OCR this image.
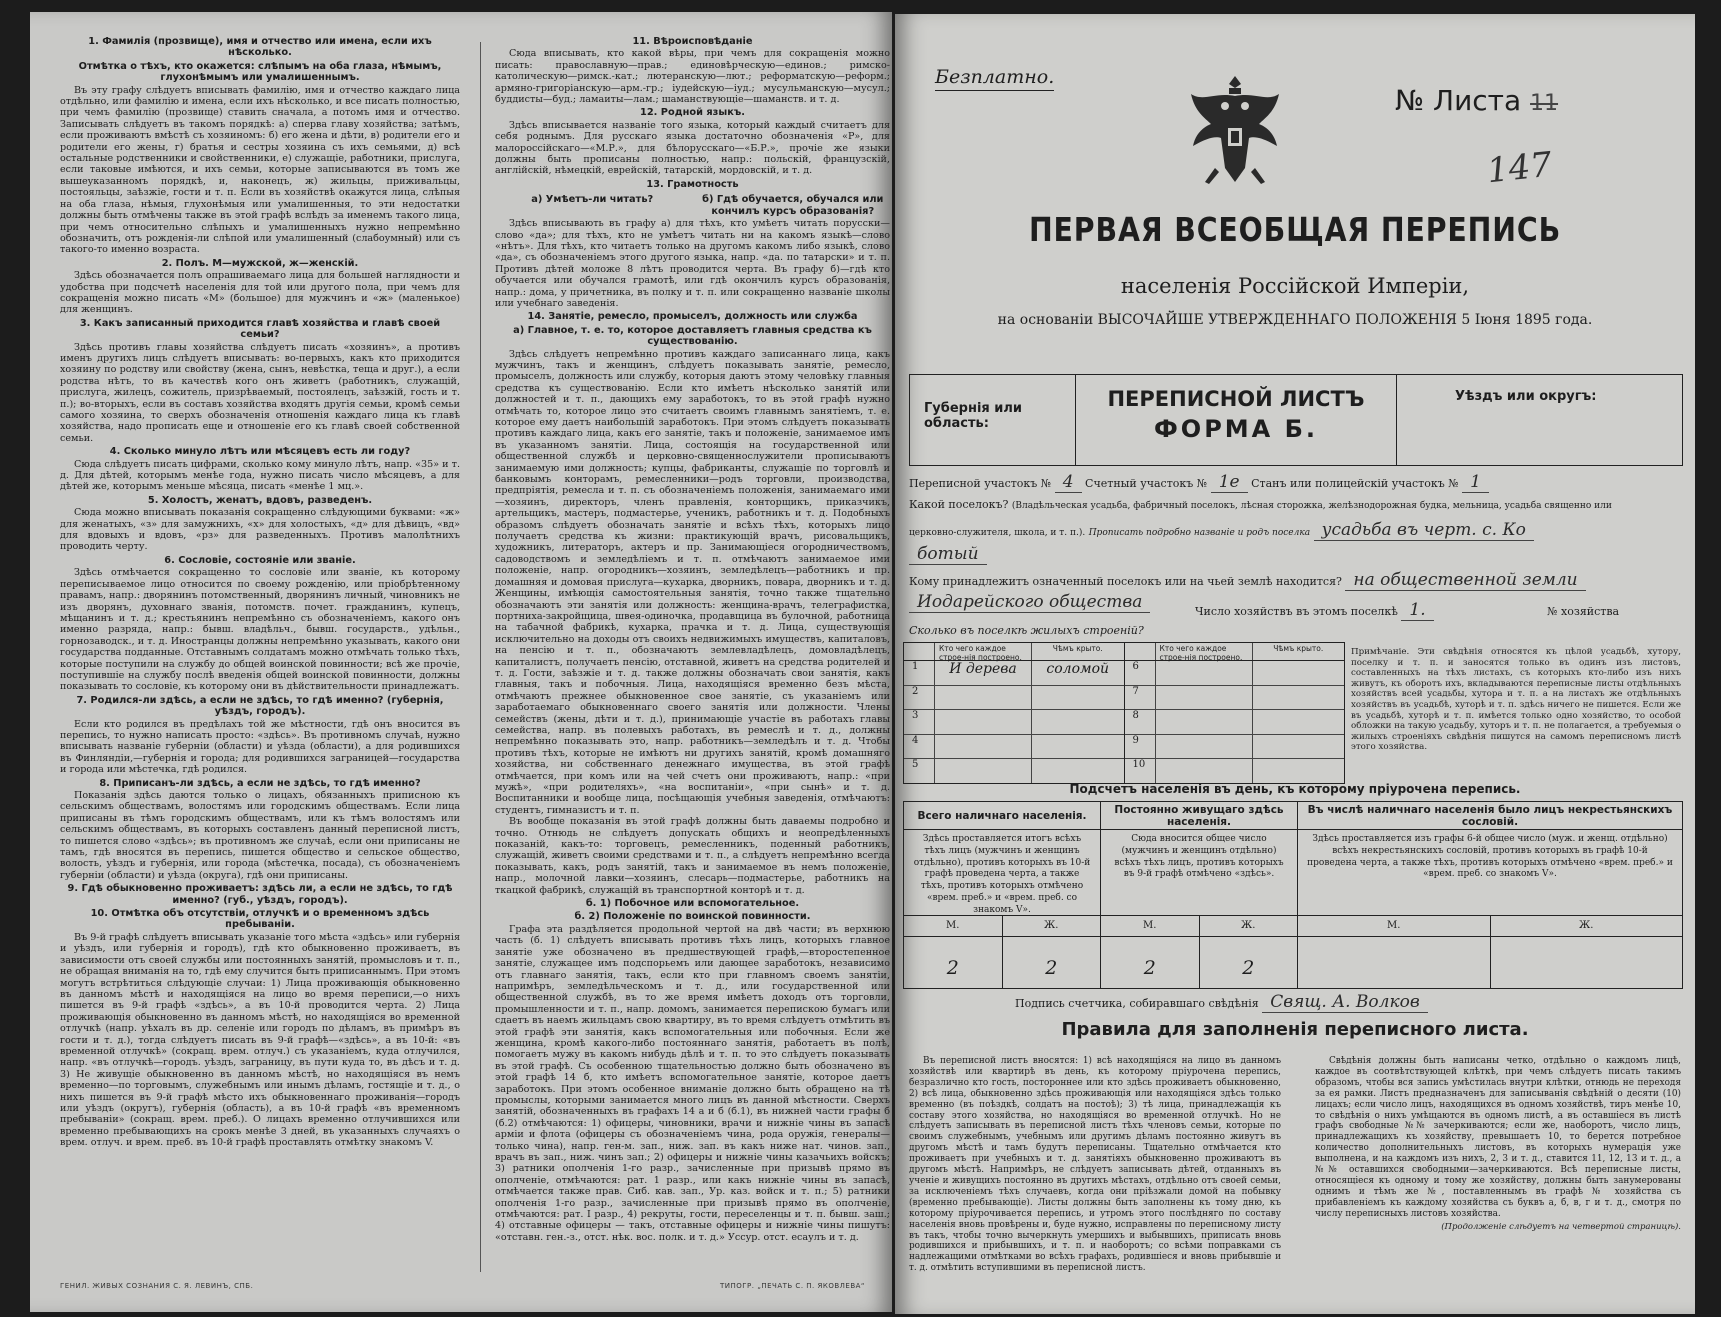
1. Фамилія (прозвище), имя и отчество или имена, если ихъ нѣсколько.
Отмѣтка о тѣхъ, кто окажется: слѣпымъ на оба глаза, нѣмымъ, глухонѣмымъ или умалишеннымъ.

Въ эту графу слѣдуетъ вписывать фамилію, имя и отчество каждаго лица отдѣльно, или фамилію и имена, если ихъ нѣсколько, и все писать полностью, при чемъ фамилію (прозвище) ставить сначала, а потомъ имя и отчество. Записывать слѣдуетъ въ такомъ порядкѣ: а) сперва главу хозяйства; затѣмъ, если проживаютъ вмѣстѣ съ хозяиномъ: б) его жена и дѣти, в) родители его и родители его жены, г) братья и сестры хозяина съ ихъ семьями, д) всѣ остальные родственники и свойственники, е) служащіе, работники, прислуга, если таковые имѣются, и ихъ семьи, которые записываются въ томъ же вышеуказанномъ порядкѣ, и, наконецъ, ж) жильцы, приживальцы, постояльцы, заѣзжіе, гости и т. п. Если въ хозяйствѣ окажутся лица, слѣпыя на оба глаза, нѣмыя, глухонѣмыя или умалишенныя, то эти недостатки должны быть отмѣчены также въ этой графѣ вслѣдъ за именемъ такого лица, при чемъ относительно слѣпыхъ и умалишенныхъ нужно непремѣнно обозначить, отъ рожденія-ли слѣпой или умалишенный (слабоумный) или съ такого-то именно возраста.

2. Полъ. М—мужской, ж—женскій.

Здѣсь обозначается полъ опрашиваемаго лица для большей наглядности и удобства при подсчетѣ населенія для той или другого пола, при чемъ для сокращенія можно писать «М» (большое) для мужчинъ и «ж» (маленькое) для женщинъ.

3. Какъ записанный приходится главѣ хозяйства и главѣ своей семьи?

Здѣсь противъ главы хозяйства слѣдуетъ писать «хозяинъ», а противъ именъ другихъ лицъ слѣдуетъ вписывать: во-первыхъ, какъ кто приходится хозяину по родству или свойству (жена, сынъ, невѣстка, теща и друг.), а если родства нѣтъ, то въ качествѣ кого онъ живетъ (работникъ, служащій, прислуга, жилецъ, сожитель, призрѣваемый, постоялецъ, заѣзжій, гость и т. п.); во-вторыхъ, если въ составъ хозяйства входятъ другія семьи, кромѣ семьи самого хозяина, то сверхъ обозначенія отношенія каждаго лица къ главѣ хозяйства, надо прописать еще и отношеніе его къ главѣ своей собственной семьи.

4. Сколько минуло лѣтъ или мѣсяцевъ есть ли году?

Сюда слѣдуетъ писать цифрами, сколько кому минуло лѣтъ, напр. «35» и т. д. Для дѣтей, которымъ менѣе года, нужно писать число мѣсяцевъ, а для дѣтей же, которымъ меньше мѣсяца, писать «менѣе 1 мц.».

5. Холостъ, женатъ, вдовъ, разведенъ.

Сюда можно вписывать показанія сокращенно слѣдующими буквами: «ж» для женатыхъ, «з» для замужнихъ, «х» для холостыхъ, «д» для дѣвицъ, «вд» для вдовыхъ и вдовъ, «рз» для разведенныхъ. Противъ малолѣтнихъ проводить черту.

6. Сословіе, состояніе или званіе.

Здѣсь отмѣчается сокращенно то сословіе или званіе, къ которому переписываемое лицо относится по своему рожденію, или пріобрѣтенному правамъ, напр.: дворянинъ потомственный, дворянинъ личный, чиновникъ не изъ дворянъ, духовнаго званія, потомств. почет. гражданинъ, купецъ, мѣщанинъ и т. д.; крестьянинъ непремѣнно съ обозначеніемъ, какого онъ именно разряда, напр.: бывш. владѣльч., бывш. государств., удѣльн., горнозаводск., и т. д. Иностранцы должны непремѣнно указывать, какого они государства подданные. Отставнымъ солдатамъ можно отмѣчать только тѣхъ, которые поступили на службу до общей воинской повинности; всѣ же прочіе, поступившіе на службу послѣ введенія общей воинской повинности, должны показывать то сословіе, къ которому они въ дѣйствительности принадлежатъ.

7. Родился-ли здѣсь, а если не здѣсь, то гдѣ именно? (губернія, уѣздъ, городъ).

Если кто родился въ предѣлахъ той же мѣстности, гдѣ онъ вносится въ перепись, то нужно написать просто: «здѣсь». Въ противномъ случаѣ, нужно вписывать названіе губерніи (области) и уѣзда (области), а для родившихся въ Финляндіи,—губернія и города; для родившихся заграницей—государства и города или мѣстечка, гдѣ родился.

8. Приписанъ-ли здѣсь, а если не здѣсь, то гдѣ именно?

Показанія здѣсь даются только о лицахъ, обязанныхъ приписною къ сельскимъ обществамъ, волостямъ или городскимъ обществамъ. Если лица приписаны въ тѣмъ городскимъ обществамъ, или къ тѣмъ волостямъ или сельскимъ обществамъ, въ которыхъ составленъ данный переписной листъ, то пишется слово «здѣсь»; въ противномъ же случаѣ, если они приписаны не тамъ, гдѣ вносятся въ перепись, пишется общество и сельское общество, волость, уѣздъ и губернія, или города (мѣстечка, посада), съ обозначеніемъ губерніи (области) и уѣзда (округа), гдѣ они приписаны.

9. Гдѣ обыкновенно проживаетъ: здѣсь ли, а если не здѣсь, то гдѣ именно? (губ., уѣздъ, городъ).
10. Отмѣтка объ отсутствіи, отлучкѣ и о временномъ здѣсь пребываніи.

Въ 9-й графѣ слѣдуетъ вписывать указаніе того мѣста «здѣсь» или губернія и уѣздъ, или губернія и городъ), гдѣ кто обыкновенно проживаетъ, въ зависимости отъ своей службы или постоянныхъ занятій, промысловъ и т. п., не обращая вниманія на то, гдѣ ему случится быть приписаннымъ. При этомъ могутъ встрѣтиться слѣдующіе случаи: 1) Лица проживающія обыкновенно въ данномъ мѣстѣ и находящіяся на лицо во время переписи,—о нихъ пишется въ 9-й графѣ «здѣсь», а въ 10-й проводится черта. 2) Лица проживающія обыкновенно въ данномъ мѣстѣ, но находящіяся во временной отлучкѣ (напр. уѣхалъ въ др. селеніе или городъ по дѣламъ, въ примѣръ въ гости и т. д.), тогда слѣдуетъ писать въ 9-й графѣ—«здѣсь», а въ 10-й: «въ временной отлучкѣ» (сокращ. врем. отлуч.) съ указаніемъ, куда отлучился, напр. «въ отлучкѣ—городъ. уѣздъ, заграницу, въ пути куда то, въ дѣсъ и т. д. 3) Не живущіе обыкновенно въ данномъ мѣстѣ, но находящіяся въ немъ временно—по торговымъ, служебнымъ или инымъ дѣламъ, гостящіе и т. д., о нихъ пишется въ 9-й графѣ мѣсто ихъ обыкновеннаго проживанія—городъ или уѣздъ (округъ), губернія (область), а въ 10-й графѣ «въ временномъ пребываніи» (сокращ. врем. преб.). О лицахъ временно отлучившихся или временно пребывающихъ на срокъ менѣе 3 дней, въ указанныхъ случаяхъ о врем. отлуч. и врем. преб. въ 10-й графѣ проставлять отмѣтку знакомъ V.

11. Вѣроисповѣданіе

Сюда вписывать, кто какой вѣры, при чемъ для сокращенія можно писать: православную—прав.; единовѣрческую—единов.; римско-католическую—римск.-кат.; лютеранскую—лют.; реформатскую—реформ.; армяно-григоріанскую—арм.-гр.; іудейскую—іуд.; мусульманскую—мусул.; буддисты—буд.; ламаиты—лам.; шаманствующіе—шаманств. и т. д.

12. Родной языкъ.

Здѣсь вписывается названіе того языка, который каждый считаетъ для себя роднымъ. Для русскаго языка достаточно обозначенія «Р», для малороссійскаго—«М.Р.», для бѣлорусскаго—«Б.Р.», прочіе же языки должны быть прописаны полностью, напр.: польскій, французскій, англійскій, нѣмецкій, еврейскій, татарскій, мордовскій, и т. д.

13. Грамотность
а) Умѣетъ-ли читать?	б) Гдѣ обучается, обучался или кончилъ курсъ образованія?

Здѣсь вписывають въ графу а) для тѣхъ, кто умѣетъ читать порусски—слово «да»; для тѣхъ, кто не умѣетъ читать ни на какомъ языкѣ—слово «нѣтъ». Для тѣхъ, кто читаетъ только на другомъ какомъ либо языкѣ, слово «да», съ обозначеніемъ этого другого языка, напр. «да. по татарски» и т. п. Противъ дѣтей моложе 8 лѣтъ проводится черта. Въ графу б)—гдѣ кто обучается или обучался грамотѣ, или гдѣ окончилъ курсъ образованія, напр.: дома, у причетника, въ полку и т. п. или сокращенно названіе школы или учебнаго заведенія.

14. Занятіе, ремесло, промыселъ, должность или служба
а) Главное, т. е. то, которое доставляетъ главныя средства къ существованію.

Здѣсь слѣдуетъ непремѣнно противъ каждаго записаннаго лица, какъ мужчинъ, такъ и женщинъ, слѣдуетъ показывать занятіе, ремесло, промыселъ, должность или службу, которыя даютъ этому человѣку главныя средства къ существованію. Если кто имѣетъ нѣсколько занятій или должностей и т. п., дающихъ ему заработокъ, то въ этой графѣ нужно отмѣчать то, которое лицо это считаетъ своимъ главнымъ занятіемъ, т. е. которое ему даетъ наибольшій заработокъ. При этомъ слѣдуетъ показывать противъ каждаго лица, какъ его занятіе, такъ и положеніе, занимаемое имъ въ указанномъ занятіи. Лица, состоящія на государственной или общественной службѣ и церковно-священнослужители прописываютъ занимаемую ими должность; купцы, фабриканты, служащіе по торговлѣ и банковымъ конторамъ, ремесленники—родъ торговли, производства, предпріятія, ремесла и т. п. съ обозначеніемъ положенія, занимаемаго ими—хозяинъ, директоръ, членъ правленія, конторщикъ, приказчикъ, артельщикъ, мастеръ, подмастерье, ученикъ, работникъ и т. д. Подобныхъ образомъ слѣдуетъ обозначать занятіе и всѣхъ тѣхъ, которыхъ лицо получаетъ средства къ жизни: практикующій врачъ, рисовальщикъ, художникъ, литераторъ, актеръ и пр. Занимающіеся огородничествомъ, садоводствомъ и земледѣліемъ и т. п. отмѣчаютъ занимаемое ими положеніе, напр. огородникъ—хозяинъ, земледѣлецъ—работникъ и пр. домашняя и домовая прислуга—кухарка, дворникъ, повара, дворникъ и т. д. Женщины, имѣющія самостоятельныя занятія, точно также тщательно обозначаютъ эти занятія или должность: женщина-врачъ, телеграфистка, портниха-закройщица, швея-одиночка, продавщица въ булочной, работница на табачной фабрикѣ, кухарка, прачка и т. д. Лица, существующія исключительно на доходы отъ своихъ недвижимыхъ имуществъ, капиталовъ, на пенсію и т. п., обозначаютъ землевладѣлецъ, домовладѣлецъ, капиталистъ, получаетъ пенсію, отставной, живетъ на средства родителей и т. д. Гости, заѣзжіе и т. д. также должны обозначать свои занятія, какъ главныя, такъ и побочныя. Лица, находящіяся временно безъ мѣста, отмѣчаютъ прежнее обыкновенное свое занятіе, съ указаніемъ или заработаемаго обыкновеннаго своего занятія или должности. Члены семействъ (жены, дѣти и т. д.), принимающіе участіе въ работахъ главы семейства, напр. въ полевыхъ работахъ, въ ремеслѣ и т. д., должны непремѣнно показывать это, напр. работникъ—земледѣлъ и т. д. Чтобы противъ тѣхъ, которые не имѣютъ ни другихъ занятій, кромѣ домашняго хозяйства, ни собственнаго денежнаго имущества, въ этой графѣ отмѣчается, при комъ или на чей счетъ они проживаютъ, напр.: «при мужѣ», «при родителяхъ», «на воспитаніи», «при сынѣ» и т. д. Воспитанники и вообще лица, посѣщающія учебныя заведенія, отмѣчаютъ: студентъ, гимназистъ и т. п.

Въ вообще показанія въ этой графѣ должны быть даваемы подробно и точно. Отнюдь не слѣдуетъ допускать общихъ и неопредѣленныхъ показаній, какъ-то: торговецъ, ремесленникъ, поденный работникъ, служащій, живетъ своими средствами и т. п., а слѣдуетъ непремѣнно всегда показывать, какъ, родъ занятій, такъ и занимаемое въ немъ положеніе, напр., молочной лавки—хозяинъ, слесарь—подмастерье, работникъ на ткацкой фабрикѣ, служащій въ транспортной конторѣ и т. д.

б. 1) Побочное или вспомогательное.
б. 2) Положеніе по воинской повинности.

Графа эта раздѣляется продольной чертой на двѣ части; въ верхнюю часть (б. 1) слѣдуетъ вписывать противъ тѣхъ лицъ, которыхъ главное занятіе уже обозначено въ предшествующей графѣ,—второстепенное занятіе, служащее имъ подспорьемъ или дающее заработокъ, независимо отъ главнаго занятія, такъ, если кто при главномъ своемъ занятіи, напримѣръ, земледѣльческомъ и т. д., или государственной или общественной службѣ, въ то же время имѣетъ доходъ отъ торговли, промышленности и т. п., напр. домомъ, занимается перепискою бумагъ или сдаетъ въ наемъ жильцамъ свою квартиру, въ то время слѣдуетъ отмѣтить въ этой графѣ эти занятія, какъ вспомогательныя или побочныя. Если же женщина, кромѣ какого-либо постояннаго занятія, работаетъ въ полѣ, помогаетъ мужу въ какомъ нибудь дѣлѣ и т. п. то это слѣдуетъ показывать въ этой графѣ. Съ особенною тщательностью должно быть обозначено въ этой графѣ 14 б, кто имѣетъ вспомогательное занятіе, которое даетъ заработокъ. При этомъ особенное вниманіе должно быть обращено на тѣ промыслы, которыми занимается много лицъ въ данной мѣстности. Сверхъ занятій, обозначенныхъ въ графахъ 14 а и б (б.1), въ нижней части графы б (б.2) отмѣчаются: 1) офицеры, чиновники, врачи и нижніе чины въ запасѣ арміи и флота (офицеры съ обозначеніемъ чина, рода оружія, генералы—только чина), напр. ген-м. зап., ниж. зап. въ какъ ниже нат. чинов. зап., врачъ въ зап., ниж. чинъ зап.; 2) офицеры и нижніе чины казачьихъ войскъ; 3) ратники ополченія 1-го разр., зачисленные при призывѣ прямо въ ополченіе, отмѣчаются: рат. 1 разр., или какъ нижніе чины въ запасѣ, отмѣчается также прав. Сиб. кав. зап., Ур. каз. войск и т. п.; 5) ратники ополченія 1-го разр., зачисленные при призывѣ прямо въ ополченіе, отмѣчаются: рат. I разр., 4) рекруты, гости, переселенцы и т. п. бывш. заш.; 4) отставные офицеры — такъ, отставные офицеры и нижніе чины пишутъ: «отставн. ген.-з., отст. нѣк. вос. полк. и т. д.» Уссур. отст. есаулъ и т. д.

ГЕНИЛ. ЖИВЫХ СОЗНАНИЯ С. Я. ЛЕВИНЪ, СПБ.	ТИПОГР. „ПЕЧАТЬ С. П. ЯКОВЛЕВА“
Безплатно.
№ Листа 11
147
ПЕРВАЯ ВСЕОБЩАЯ ПЕРЕПИСЬ
населенія Россійской Имперіи,
на основаніи ВЫСОЧАЙШЕ УТВЕРЖДЕННАГО ПОЛОЖЕНІЯ 5 Іюня 1895 года.
Губернія или область:
ПЕРЕПИСНОЙ ЛИСТЪ
ФОРМА Б.
Уѣздъ или округъ:
Переписной участокъ № 4 Счетный участокъ № 1е Станъ или полицейскій участокъ № 1
Какой поселокъ? (Владѣльческая усадьба, фабричный поселокъ, лѣсная сторожка, желѣзнодорожная будка, мельница, усадьба священно или
церковно-служителя, школа, и т. п.). Прописать подробно названіе и родъ поселка усадьба въ черт. с. Ко
ботый
Кому принадлежитъ означенный поселокъ или на чьей землѣ находится? на общественной земли
Иодарейского общества	Число хозяйствъ въ этомъ поселкѣ 1.	№ хозяйства
Сколько въ поселкѣ жилыхъ строеній?
Кто чего каждое строе-нія построено.
Чѣмъ крыто.
1	И дерева	соломой
2
3
4
5
Кто чего каждое строе-нія построено.
Чѣмъ крыто.
6
7
8
9
10
Примѣчаніе. Эти свѣдѣнія относятся къ цѣлой усадьбѣ, хутору, поселку и т. п. и заносятся только въ одинъ изъ листовъ, составленныхъ на тѣхъ листахъ, съ которыхъ кто-либо изъ нихъ живутъ, къ оборотъ ихъ, вкладываются переписные листы отдѣльныхъ хозяйствъ всей усадьбы, хутора и т. п. а на листахъ же отдѣльныхъ хозяйствъ въ усадьбѣ, хуторѣ и т. п. здѣсь ничего не пишется. Если же въ усадьбѣ, хуторѣ и т. п. имѣется только одно хозяйство, то особой обложки на такую усадьбу, хуторъ и т. п. не полагается, а требуемыя о жилыхъ строеніяхъ свѣдѣнія пишутся на самомъ переписномъ листѣ этого хозяйства.
Подсчетъ населенія въ день, къ которому пріурочена перепись.
Всего наличнаго населенія.
Здѣсь проставляется итогъ всѣхъ тѣхъ лицъ (мужчинъ и женщинъ отдѣльно), противъ которыхъ въ 10-й графѣ проведена черта, а также тѣхъ, противъ которыхъ отмѣчено «врем. преб.» и «врем. преб. со знакомъ V».
М.	Ж.
2	2
Постоянно живущаго здѣсь населенія.
Сюда вносится общее число (мужчинъ и женщинъ отдѣльно) всѣхъ тѣхъ лицъ, противъ которыхъ въ 9-й графѣ отмѣчено «здѣсь».
М.	Ж.
2	2
Въ числѣ наличнаго населенія было лицъ некрестьянскихъ сословій.
Здѣсь проставляется изъ графы 6-й общее число (муж. и женщ. отдѣльно) всѣхъ некрестьянскихъ сословій, противъ которыхъ въ графѣ 10-й проведена черта, а также тѣхъ, противъ которыхъ отмѣчено «врем. преб.» и «врем. преб. со знакомъ V».
М.	Ж.
Подпись счетчика, собиравшаго свѣдѣнія Свящ. А. Волков
Правила для заполненія переписного листа.

Въ переписной листъ вносятся: 1) всѣ находящіяся на лицо въ данномъ хозяйствѣ или квартирѣ въ день, къ которому пріурочена перепись, безразлично кто гость, постороннее или кто здѣсь проживаетъ обыкновенно, 2) всѣ лица, обыкновенно здѣсь проживающія или находящіяся здѣсь только временно (въ поѣздкѣ, солдатъ на постоѣ); 3) тѣ лица, принадлежащія къ составу этого хозяйства, но находящіяся во временной отлучкѣ. Но не слѣдуетъ записывать въ переписной листъ тѣхъ членовъ семьи, которые по своимъ служебнымъ, учебнымъ или другимъ дѣламъ постоянно живутъ въ другомъ мѣстѣ и тамъ будутъ переписаны. Тщательно отмѣчается кто проживаетъ при учебныхъ и т. д. занятіяхъ обыкновенно проживаютъ въ другомъ мѣстѣ. Напримѣръ, не слѣдуетъ записывать дѣтей, отданныхъ въ ученіе и живущихъ постоянно въ другихъ мѣстахъ, отдѣльно отъ своей семьи, за исключеніемъ тѣхъ случаевъ, когда они пріѣзжали домой на побывку (временно пребывающіе). Листы должны быть заполнены къ тому дню, къ которому пріурочивается перепись, и утромъ этого послѣдняго по составу населенія вновь провѣрены и, буде нужно, исправлены по переписному листу въ такъ, чтобы точно вычеркнуть умершихъ и выбывшихъ, приписать вновь родившихся и прибывшихъ, и т. п. и наоборотъ; со всѣми поправками съ надлежащими отмѣтками во всѣхъ графахъ, родившіеся и вновь прибывшіе и т. д. отмѣтить вступившими въ переписной листъ.

Свѣдѣнія должны быть написаны четко, отдѣльно о каждомъ лицѣ, каждое въ соотвѣтствующей клѣткѣ, при чемъ слѣдуетъ писать такимъ образомъ, чтобы вся запись умѣстилась внутри клѣтки, отнюдь не переходя за ея рамки. Листъ предназначенъ для записыванія свѣдѣній о десяти (10) лицахъ; если число лицъ, находящихся въ одномъ хозяйствѣ, тиръ менѣе 10, то свѣдѣнія о нихъ умѣщаются въ одномъ листѣ, а въ оставшіеся въ листѣ графъ свободные №№ зачеркиваются; если же, наоборотъ, число лицъ, принадлежащихъ къ хозяйству, превышаетъ 10, то берется потребное количество дополнительныхъ листовъ, въ которыхъ нумерація уже выполнена, и на каждомъ изъ нихъ, 2, 3 и т. д., ставится 11, 12, 13 и т. д., а №№ оставшихся свободными—зачеркиваются. Всѣ переписные листы, относящіеся къ одному и тому же хозяйству, должны быть занумерованы однимъ и тѣмъ же №, поставленнымъ въ графѣ № хозяйства съ прибавленіемъ къ каждому хозяйства съ буквъ а, б, в, г и т. д., смотря по числу переписныхъ листовъ хозяйства.

(Продолженіе слѣдуетъ на четвертой страницѣ).
